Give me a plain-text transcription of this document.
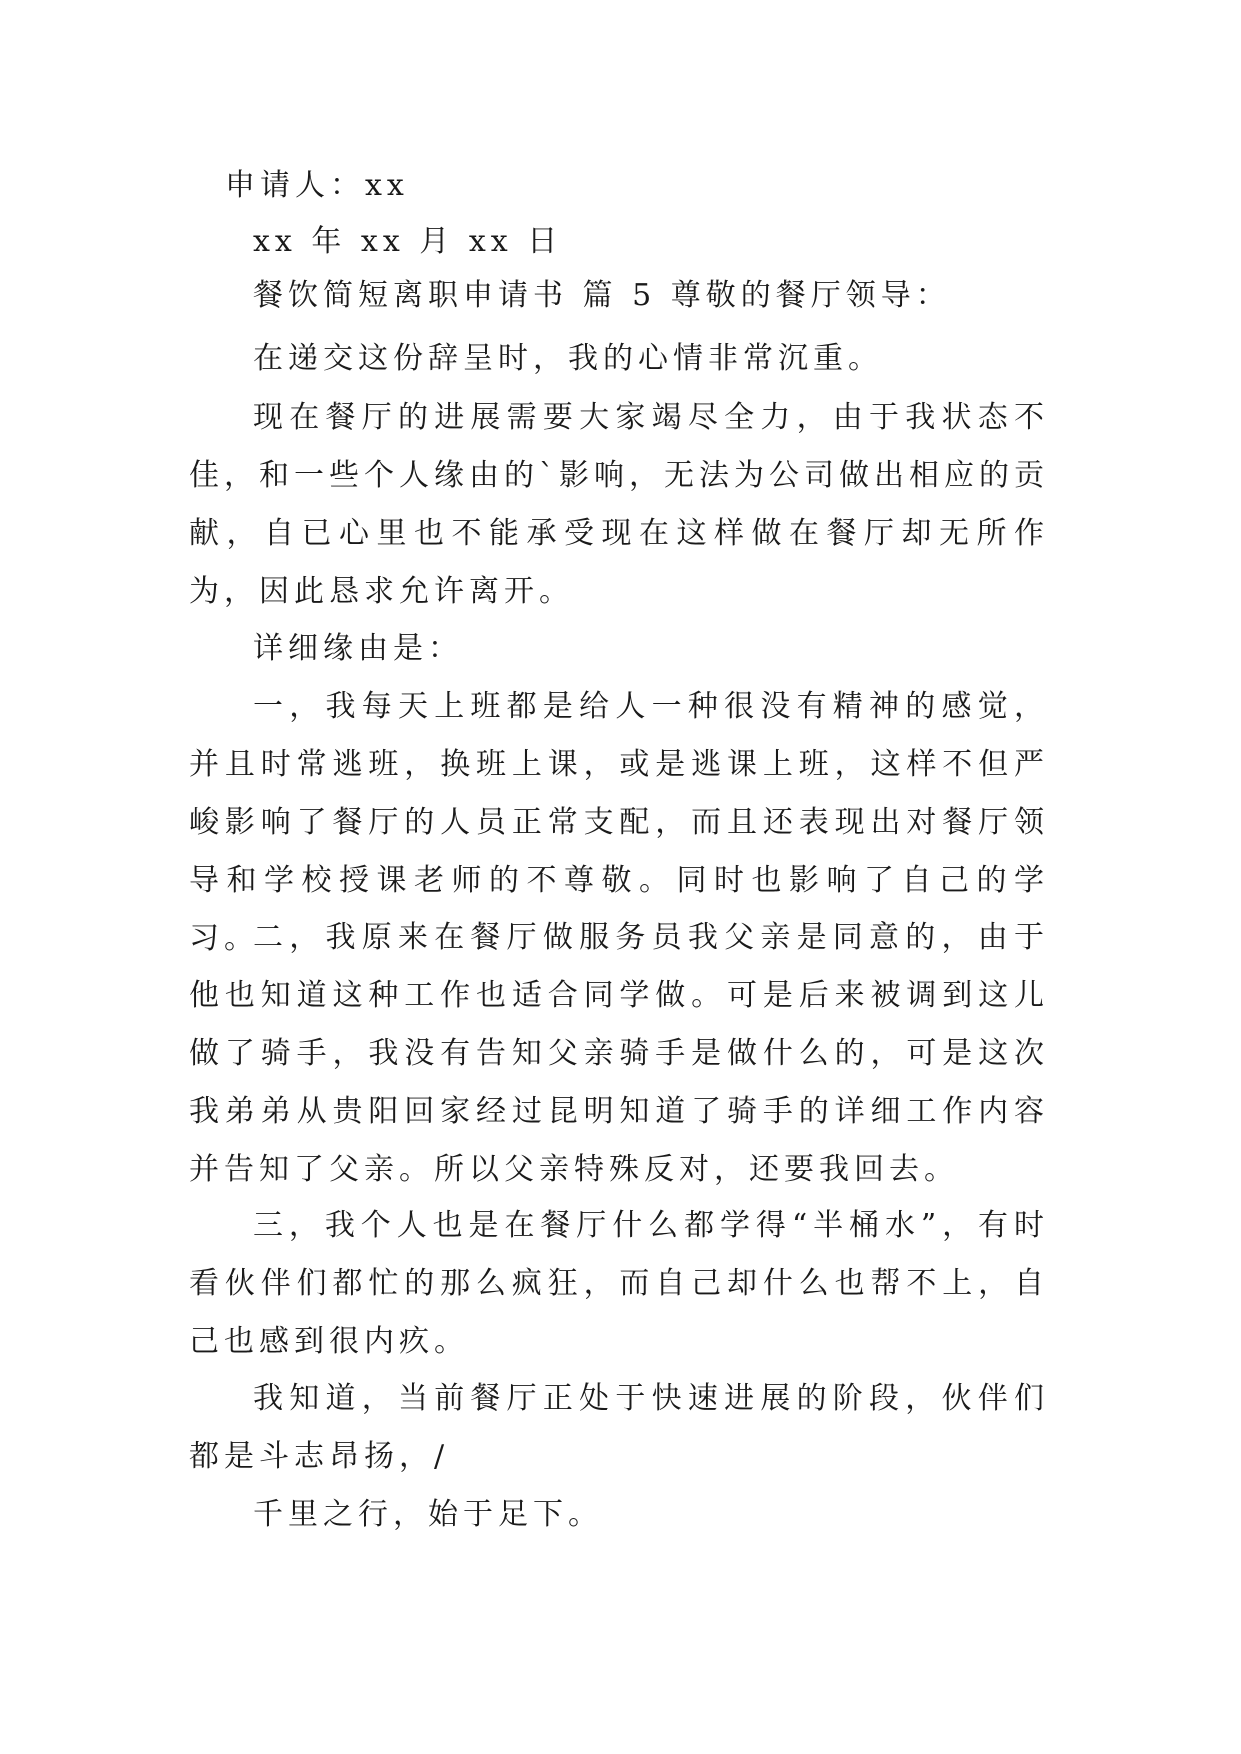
申请人：xx

xx 年 xx 月 xx 日

餐饮简短离职申请书 篇 5 尊敬的餐厅领导：

在递交这份辞呈时，我的心情非常沉重。

现在餐厅的进展需要大家竭尽全力，由于我状态不佳，和一些个人缘由的`影响，无法为公司做出相应的贡献，自已心里也不能承受现在这样做在餐厅却无所作为，因此恳求允许离开。

详细缘由是：

一，我每天上班都是给人一种很没有精神的感觉，并且时常逃班，换班上课，或是逃课上班，这样不但严峻影响了餐厅的人员正常支配，而且还表现出对餐厅领导和学校授课老师的不尊敬。同时也影响了自己的学习。

二，我原来在餐厅做服务员我父亲是同意的，由于他也知道这种工作也适合同学做。可是后来被调到这儿做了骑手，我没有告知父亲骑手是做什么的，可是这次我弟弟从贵阳回家经过昆明知道了骑手的详细工作内容并告知了父亲。所以父亲特殊反对，还要我回去。

三，我个人也是在餐厅什么都学得“半桶水”，有时看伙伴们都忙的那么疯狂，而自己却什么也帮不上，自己也感到很内疚。

我知道，当前餐厅正处于快速进展的阶段，伙伴们都是斗志昂扬，/

千里之行，始于足下。
